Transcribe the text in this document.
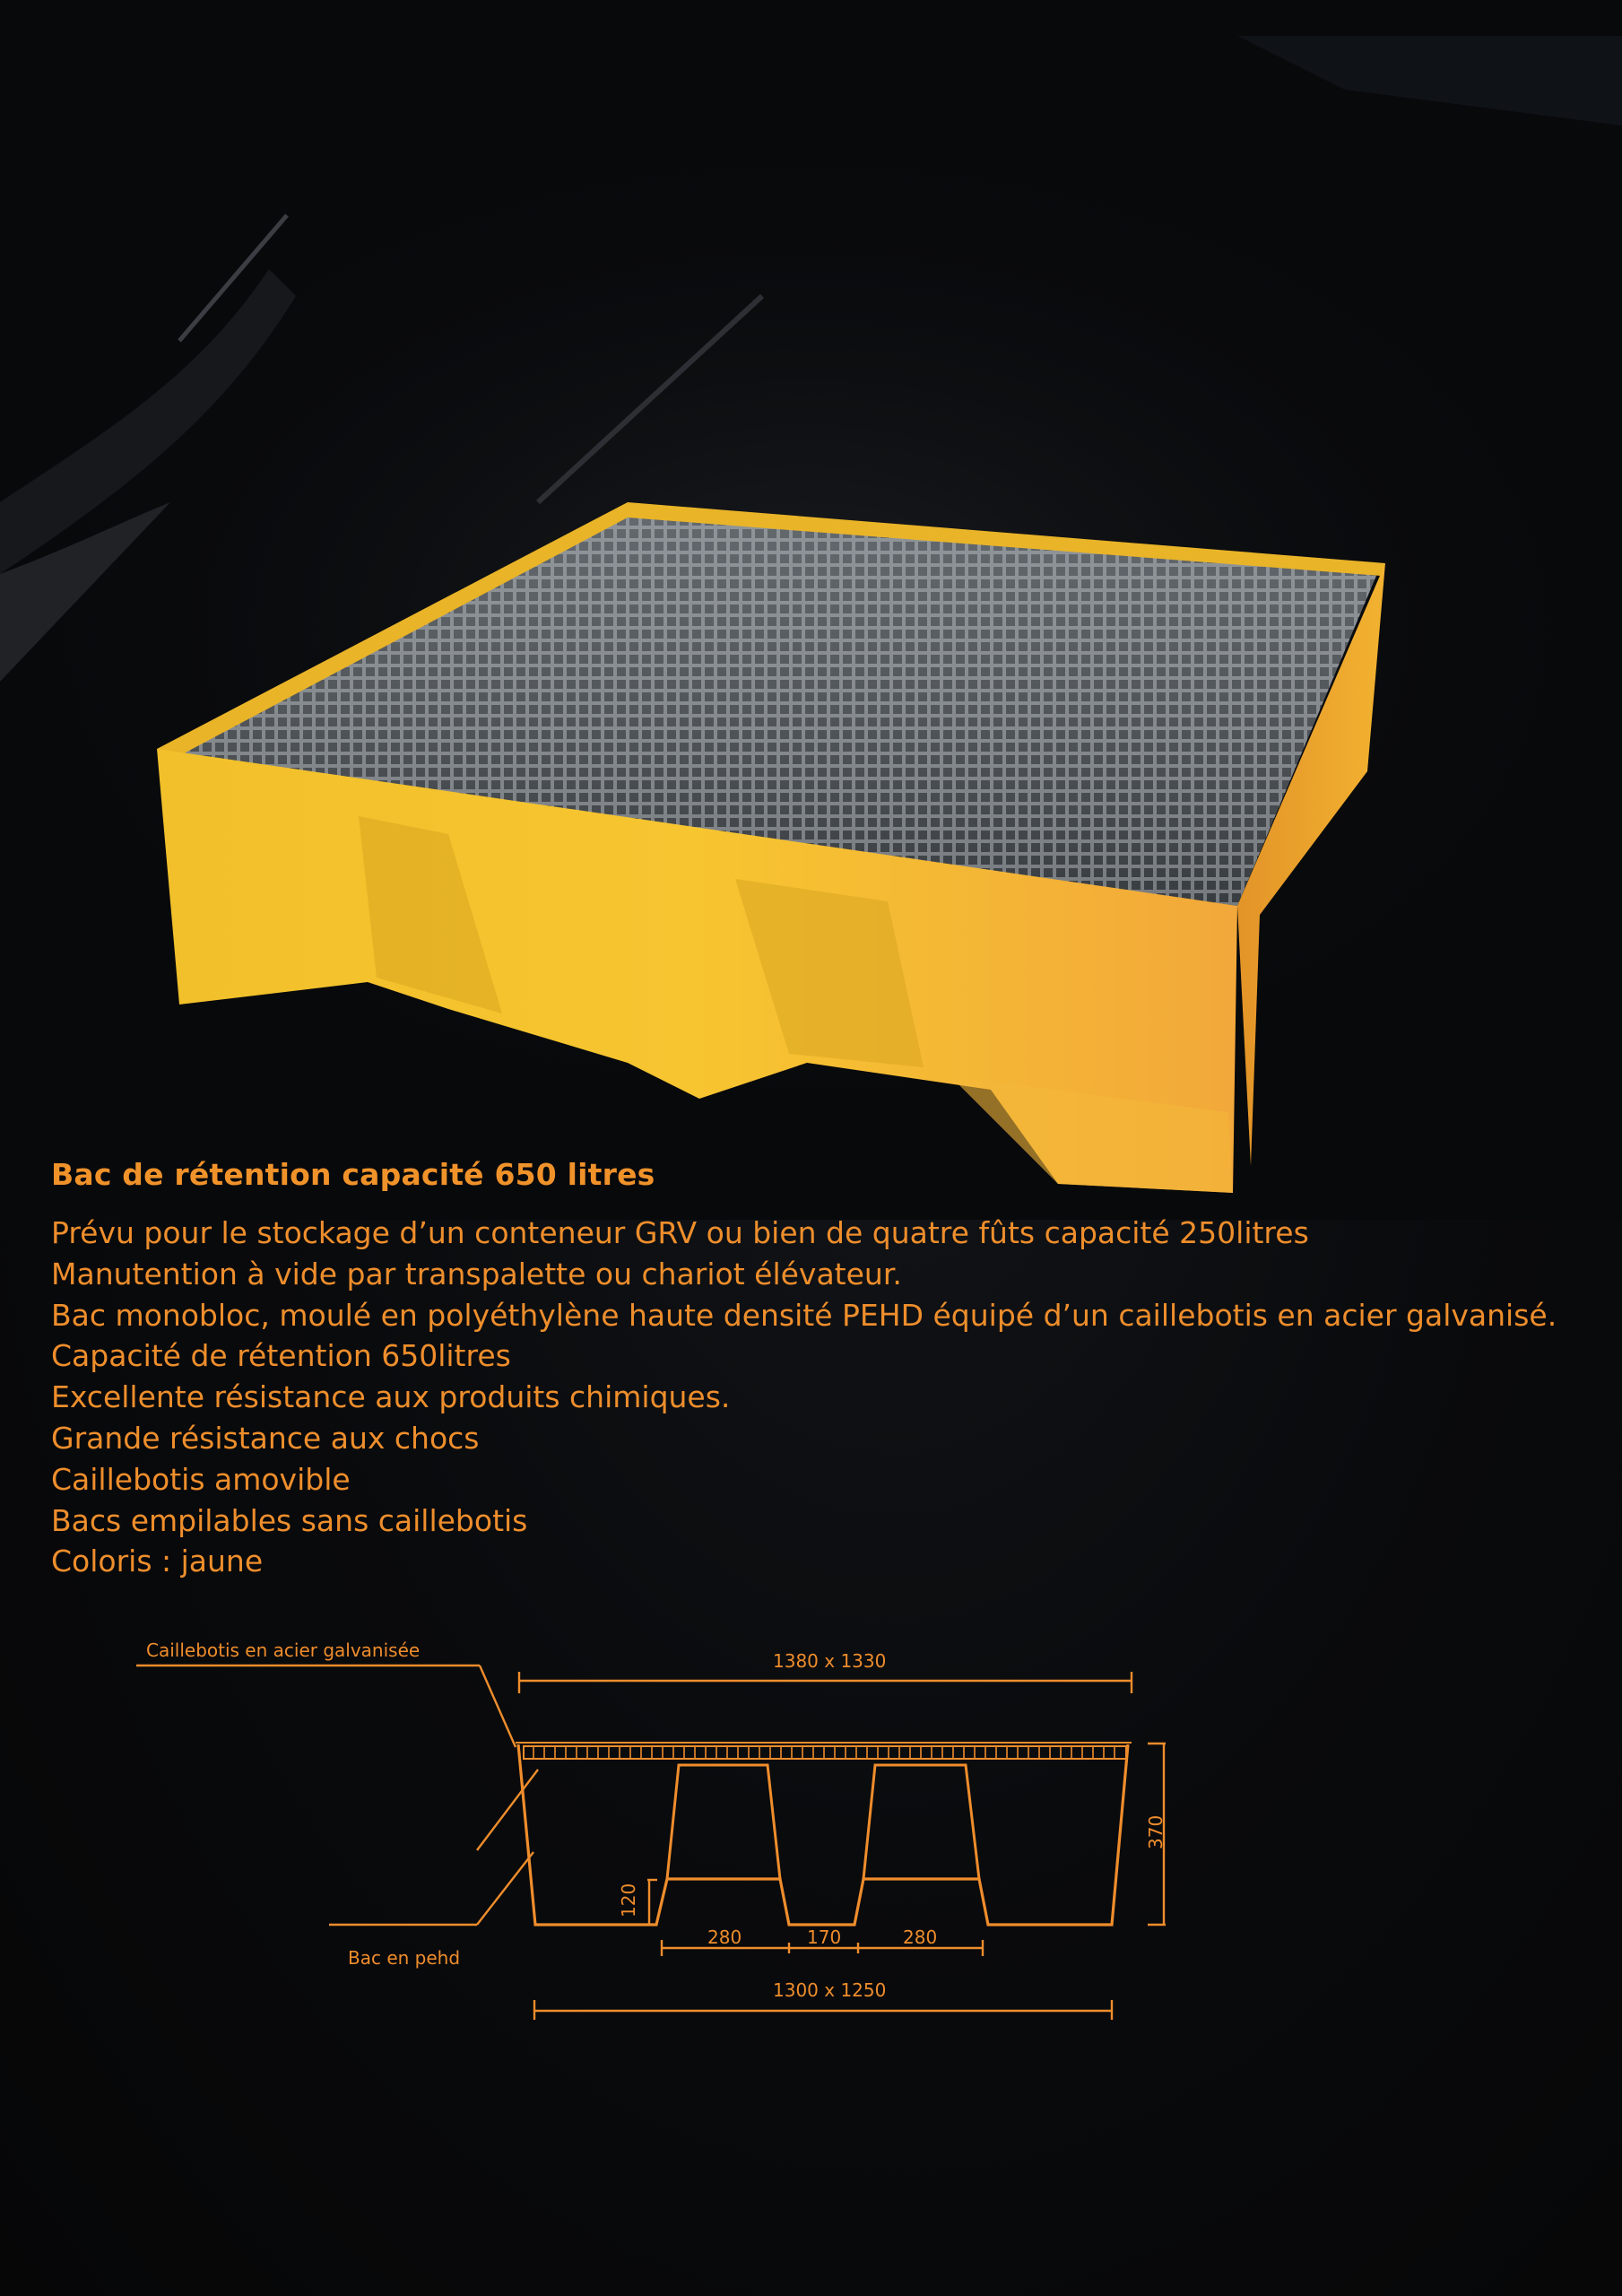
Bac de rétention capacité 650 litres
Prévu pour le stockage d’un conteneur GRV ou bien de quatre fûts capacité 250litres
Manutention à vide par transpalette ou chariot élévateur.
Bac monobloc, moulé en polyéthylène haute densité PEHD équipé d’un caillebotis en acier galvanisé.
Capacité de rétention 650litres
Excellente résistance aux produits chimiques.
Grande résistance aux chocs
Caillebotis amovible
Bacs empilables sans caillebotis
Coloris : jaune
Caillebotis en acier galvanisée	1380 x 1330
Bac en pehd
280	170	280
1300 x 1250
370
120
